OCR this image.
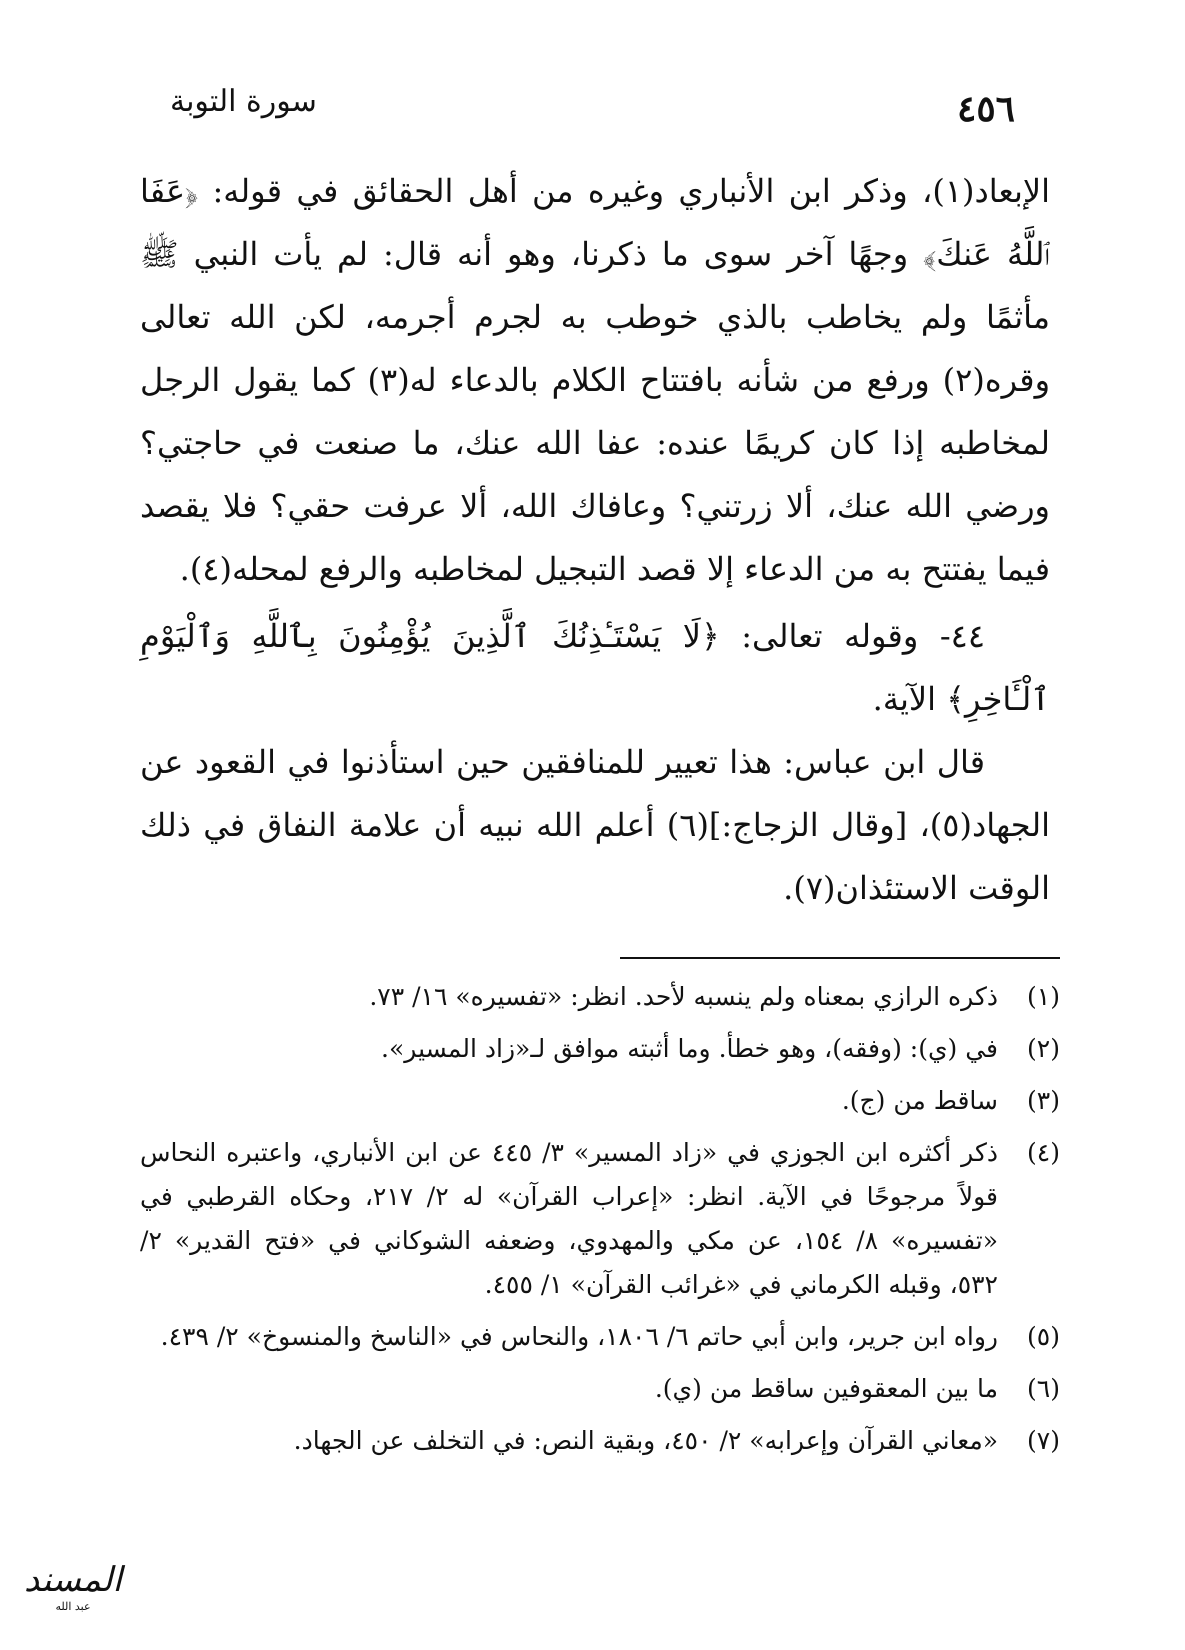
٤٥٦
سورة التوبة

الإبعاد(١)، وذكر ابن الأنباري وغيره من أهل الحقائق في قوله: ﴿عَفَا ٱللَّهُ عَنكَ﴾ وجهًا آخر سوى ما ذكرنا، وهو أنه قال: لم يأت النبي ﷺ مأثمًا ولم يخاطب بالذي خوطب به لجرم أجرمه، لكن الله تعالى وقره(٢) ورفع من شأنه بافتتاح الكلام بالدعاء له(٣) كما يقول الرجل لمخاطبه إذا كان كريمًا عنده: عفا الله عنك، ما صنعت في حاجتي؟ ورضي الله عنك، ألا زرتني؟ وعافاك الله، ألا عرفت حقي؟ فلا يقصد فيما يفتتح به من الدعاء إلا قصد التبجيل لمخاطبه والرفع لمحله(٤).

٤٤- وقوله تعالى: ﴿لَا يَسْتَـٔذِنُكَ ٱلَّذِينَ يُؤْمِنُونَ بِٱللَّهِ وَٱلْيَوْمِ ٱلْـَٔاخِرِ﴾ الآية.

قال ابن عباس: هذا تعيير للمنافقين حين استأذنوا في القعود عن الجهاد(٥)، [وقال الزجاج:](٦) أعلم الله نبيه أن علامة النفاق في ذلك الوقت الاستئذان(٧).

(١)
ذكره الرازي بمعناه ولم ينسبه لأحد. انظر: «تفسيره» ١٦/ ٧٣.
(٢)
في (ي): (وفقه)، وهو خطأ. وما أثبته موافق لـ«زاد المسير».
(٣)
ساقط من (ج).
(٤)
ذكر أكثره ابن الجوزي في «زاد المسير» ٣/ ٤٤٥ عن ابن الأنباري، واعتبره النحاس قولاً مرجوحًا في الآية. انظر: «إعراب القرآن» له ٢/ ٢١٧، وحكاه القرطبي في «تفسيره» ٨/ ١٥٤، عن مكي والمهدوي، وضعفه الشوكاني في «فتح القدير» ٢/ ٥٣٢، وقبله الكرماني في «غرائب القرآن» ١/ ٤٥٥.
(٥)
رواه ابن جرير، وابن أبي حاتم ٦/ ١٨٠٦، والنحاس في «الناسخ والمنسوخ» ٢/ ٤٣٩.
(٦)
ما بين المعقوفين ساقط من (ي).
(٧)
«معاني القرآن وإعرابه» ٢/ ٤٥٠، وبقية النص: في التخلف عن الجهاد.
المسند
عبد الله
